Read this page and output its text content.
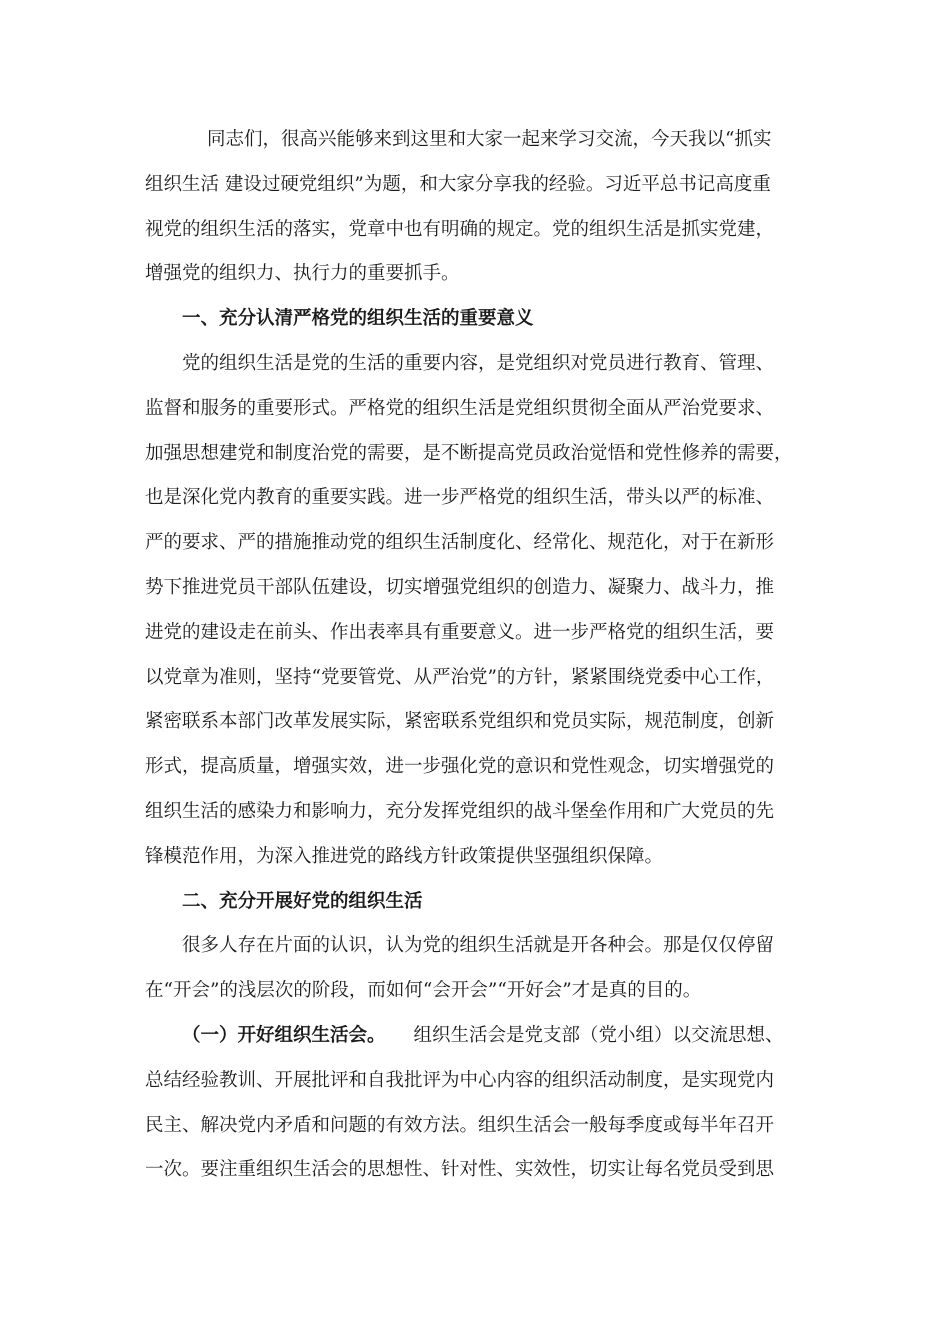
同志们，很高兴能够来到这里和大家一起来学习交流，今天我以“抓实
组织生活 建设过硬党组织”为题，和大家分享我的经验。习近平总书记高度重
视党的组织生活的落实，党章中也有明确的规定。党的组织生活是抓实党建，
增强党的组织力、执行力的重要抓手。
一、充分认清严格党的组织生活的重要意义
党的组织生活是党的生活的重要内容，是党组织对党员进行教育、管理、
监督和服务的重要形式。严格党的组织生活是党组织贯彻全面从严治党要求、
加强思想建党和制度治党的需要，是不断提高党员政治觉悟和党性修养的需要，
也是深化党内教育的重要实践。进一步严格党的组织生活，带头以严的标准、
严的要求、严的措施推动党的组织生活制度化、经常化、规范化，对于在新形
势下推进党员干部队伍建设，切实增强党组织的创造力、凝聚力、战斗力，推
进党的建设走在前头、作出表率具有重要意义。进一步严格党的组织生活，要
以党章为准则，坚持“党要管党、从严治党”的方针，紧紧围绕党委中心工作，
紧密联系本部门改革发展实际，紧密联系党组织和党员实际，规范制度，创新
形式，提高质量，增强实效，进一步强化党的意识和党性观念，切实增强党的
组织生活的感染力和影响力，充分发挥党组织的战斗堡垒作用和广大党员的先
锋模范作用，为深入推进党的路线方针政策提供坚强组织保障。
二、充分开展好党的组织生活
很多人存在片面的认识，认为党的组织生活就是开各种会。那是仅仅停留
在“开会”的浅层次的阶段，而如何“会开会”“开好会”才是真的目的。
（一）开好组织生活会。 组织生活会是党支部（党小组）以交流思想、
总结经验教训、开展批评和自我批评为中心内容的组织活动制度，是实现党内
民主、解决党内矛盾和问题的有效方法。组织生活会一般每季度或每半年召开
一次。要注重组织生活会的思想性、针对性、实效性，切实让每名党员受到思
